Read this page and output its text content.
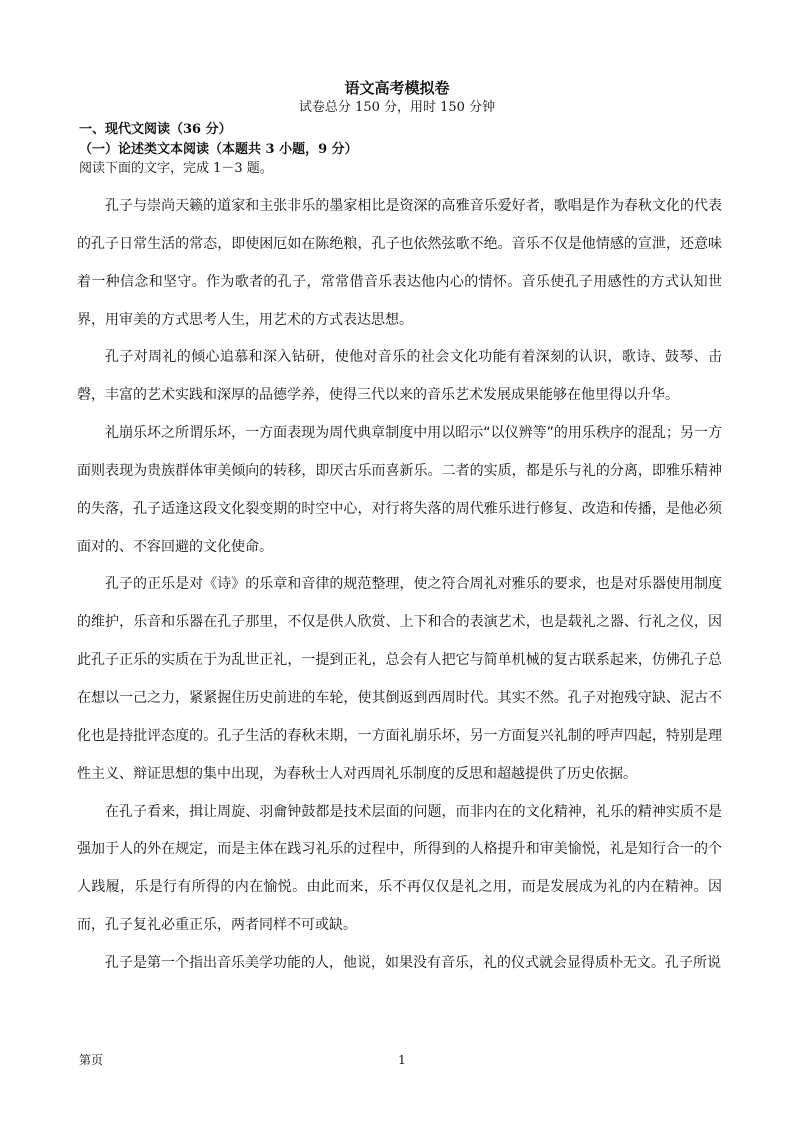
语文高考模拟卷
试卷总分 150 分，用时 150 分钟
一、现代文阅读（36 分）
（一）论述类文本阅读（本题共 3 小题，9 分）
阅读下面的文字，完成 1－3 题。

孔子与崇尚天籁的道家和主张非乐的墨家相比是资深的高雅音乐爱好者，歌唱是作为春秋文化的代表的孔子日常生活的常态，即使困厄如在陈绝粮，孔子也依然弦歌不绝。音乐不仅是他情感的宣泄，还意味着一种信念和坚守。作为歌者的孔子，常常借音乐表达他内心的情怀。音乐使孔子用感性的方式认知世界，用审美的方式思考人生，用艺术的方式表达思想。

孔子对周礼的倾心追慕和深入钻研，使他对音乐的社会文化功能有着深刻的认识，歌诗、鼓琴、击磬，丰富的艺术实践和深厚的品德学养，使得三代以来的音乐艺术发展成果能够在他里得以升华。

礼崩乐坏之所谓乐坏，一方面表现为周代典章制度中用以昭示“以仪辨等”的用乐秩序的混乱；另一方面则表现为贵族群体审美倾向的转移，即厌古乐而喜新乐。二者的实质，都是乐与礼的分离，即雅乐精神的失落，孔子适逢这段文化裂变期的时空中心，对行将失落的周代雅乐进行修复、改造和传播，是他必须面对的、不容回避的文化使命。

孔子的正乐是对《诗》的乐章和音律的规范整理，使之符合周礼对雅乐的要求，也是对乐器使用制度的维护，乐音和乐器在孔子那里，不仅是供人欣赏、上下和合的表演艺术，也是载礼之器、行礼之仪，因此孔子正乐的实质在于为乱世正礼，一提到正礼，总会有人把它与简单机械的复古联系起来，仿佛孔子总在想以一己之力，紧紧握住历史前进的车轮，使其倒返到西周时代。其实不然。孔子对抱残守缺、泥古不化也是持批评态度的。孔子生活的春秋末期，一方面礼崩乐坏，另一方面复兴礼制的呼声四起，特别是理性主义、辩证思想的集中出现，为春秋士人对西周礼乐制度的反思和超越提供了历史依据。

在孔子看来，揖让周旋、羽龠钟鼓都是技术层面的问题，而非内在的文化精神，礼乐的精神实质不是强加于人的外在规定，而是主体在践习礼乐的过程中，所得到的人格提升和审美愉悦，礼是知行合一的个人践履，乐是行有所得的内在愉悦。由此而来，乐不再仅仅是礼之用，而是发展成为礼的内在精神。因而，孔子复礼必重正乐，两者同样不可或缺。

孔子是第一个指出音乐美学功能的人，他说，如果没有音乐，礼的仪式就会显得质朴无文。孔子所说

第页	1
